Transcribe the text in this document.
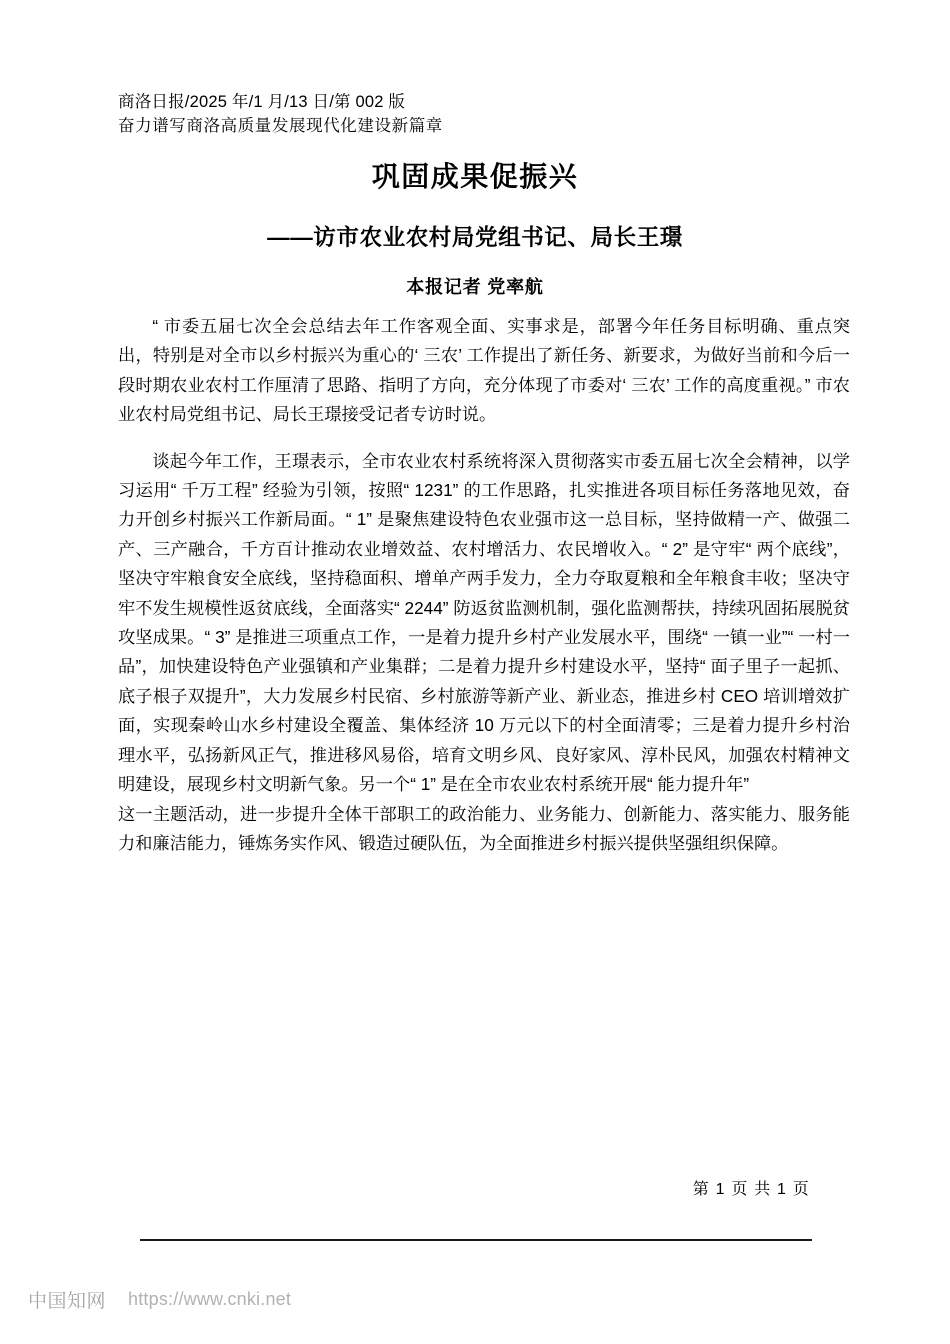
商洛日报/2025 年/1 月/13 日/第 002 版
奋力谱写商洛高质量发展现代化建设新篇章
巩固成果促振兴
——访市农业农村局党组书记、局长王璟
本报记者 党率航

“ 市委五届七次全会总结去年工作客观全面、实事求是，部署今年任务目标明确、重点突出，特别是对全市以乡村振兴为重心的‘ 三农’ 工作提出了新任务、新要求，为做好当前和今后一段时期农业农村工作厘清了思路、指明了方向，充分体现了市委对‘ 三农’ 工作的高度重视。” 市农业农村局党组书记、局长王璟接受记者专访时说。

谈起今年工作，王璟表示，全市农业农村系统将深入贯彻落实市委五届七次全会精神，以学习运用“ 千万工程” 经验为引领，按照“ 1231” 的工作思路，扎实推进各项目标任务落地见效，奋力开创乡村振兴工作新局面。“ 1” 是聚焦建设特色农业强市这一总目标，坚持做精一产、做强二产、三产融合，千方百计推动农业增效益、农村增活力、农民增收入。“ 2” 是守牢“ 两个底线”，坚决守牢粮食安全底线，坚持稳面积、增单产两手发力，全力夺取夏粮和全年粮食丰收；坚决守牢不发生规模性返贫底线，全面落实“ 2244” 防返贫监测机制，强化监测帮扶，持续巩固拓展脱贫攻坚成果。“ 3” 是推进三项重点工作，一是着力提升乡村产业发展水平，围绕“ 一镇一业”“ 一村一品”，加快建设特色产业强镇和产业集群；二是着力提升乡村建设水平，坚持“ 面子里子一起抓、底子根子双提升”，大力发展乡村民宿、乡村旅游等新产业、新业态，推进乡村 CEO 培训增效扩面，实现秦岭山水乡村建设全覆盖、集体经济 10 万元以下的村全面清零；三是着力提升乡村治理水平，弘扬新风正气，推进移风易俗，培育文明乡风、良好家风、淳朴民风，加强农村精神文明建设，展现乡村文明新气象。另一个“ 1” 是在全市农业农村系统开展“ 能力提升年”

这一主题活动，进一步提升全体干部职工的政治能力、业务能力、创新能力、落实能力、服务能力和廉洁能力，锤炼务实作风、锻造过硬队伍，为全面推进乡村振兴提供坚强组织保障。

第 1 页 共 1 页
中国知网 https://www.cnki.net
